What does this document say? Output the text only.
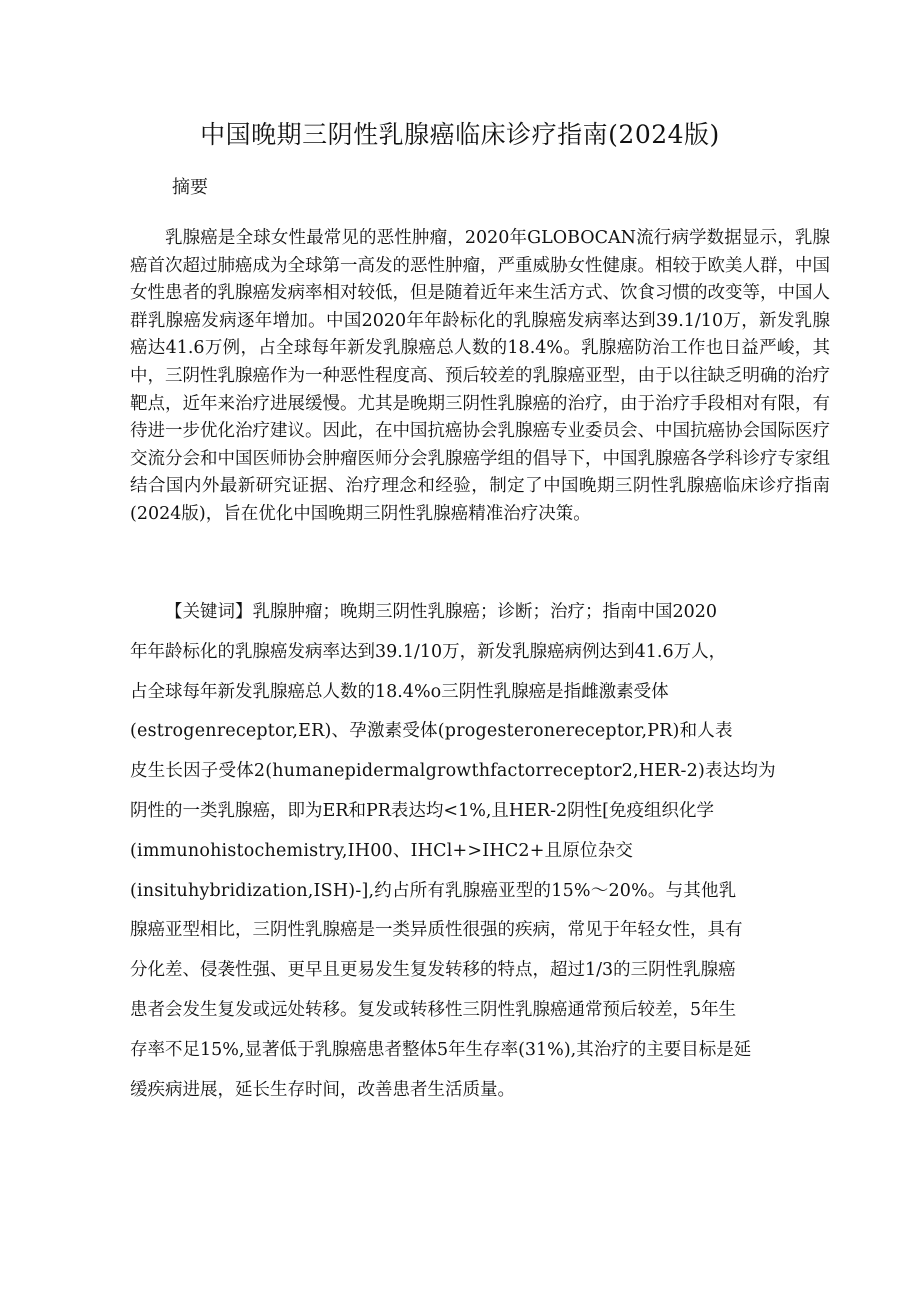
中国晚期三阴性乳腺癌临床诊疗指南(2024版)
摘要

乳腺癌是全球女性最常见的恶性肿瘤，2020年GLOBOCAN流行病学数据显示，乳腺癌首次超过肺癌成为全球第一高发的恶性肿瘤，严重威胁女性健康。相较于欧美人群，中国女性患者的乳腺癌发病率相对较低，但是随着近年来生活方式、饮食习惯的改变等，中国人群乳腺癌发病逐年增加。中国2020年年龄标化的乳腺癌发病率达到39.1/10万，新发乳腺癌达41.6万例，占全球每年新发乳腺癌总人数的18.4%。乳腺癌防治工作也日益严峻，其中，三阴性乳腺癌作为一种恶性程度高、预后较差的乳腺癌亚型，由于以往缺乏明确的治疗靶点，近年来治疗进展缓慢。尤其是晚期三阴性乳腺癌的治疗，由于治疗手段相对有限，有待进一步优化治疗建议。因此，在中国抗癌协会乳腺癌专业委员会、中国抗癌协会国际医疗交流分会和中国医师协会肿瘤医师分会乳腺癌学组的倡导下，中国乳腺癌各学科诊疗专家组结合国内外最新研究证据、治疗理念和经验，制定了中国晚期三阴性乳腺癌临床诊疗指南(2024版)，旨在优化中国晚期三阴性乳腺癌精准治疗决策。

【关键词】乳腺肿瘤；晚期三阴性乳腺癌；诊断；治疗；指南中国2020
年年龄标化的乳腺癌发病率达到39.1/10万，新发乳腺癌病例达到41.6万人，
占全球每年新发乳腺癌总人数的18.4%o三阴性乳腺癌是指雌激素受体
(estrogenreceptor,ER)、孕激素受体(progesteronereceptor,PR)和人表
皮生长因子受体2(humanepidermalgrowthfactorreceptor2,HER-2)表达均为
阴性的一类乳腺癌，即为ER和PR表达均<1%,且HER-2阴性[免疫组织化学
(immunohistochemistry,IH00、IHCl+>IHC2+且原位杂交
(insituhybridization,ISH)-],约占所有乳腺癌亚型的15%～20%。与其他乳
腺癌亚型相比，三阴性乳腺癌是一类异质性很强的疾病，常见于年轻女性，具有
分化差、侵袭性强、更早且更易发生复发转移的特点，超过1/3的三阴性乳腺癌
患者会发生复发或远处转移。复发或转移性三阴性乳腺癌通常预后较差，5年生
存率不足15%,显著低于乳腺癌患者整体5年生存率(31%),其治疗的主要目标是延
缓疾病进展，延长生存时间，改善患者生活质量。
